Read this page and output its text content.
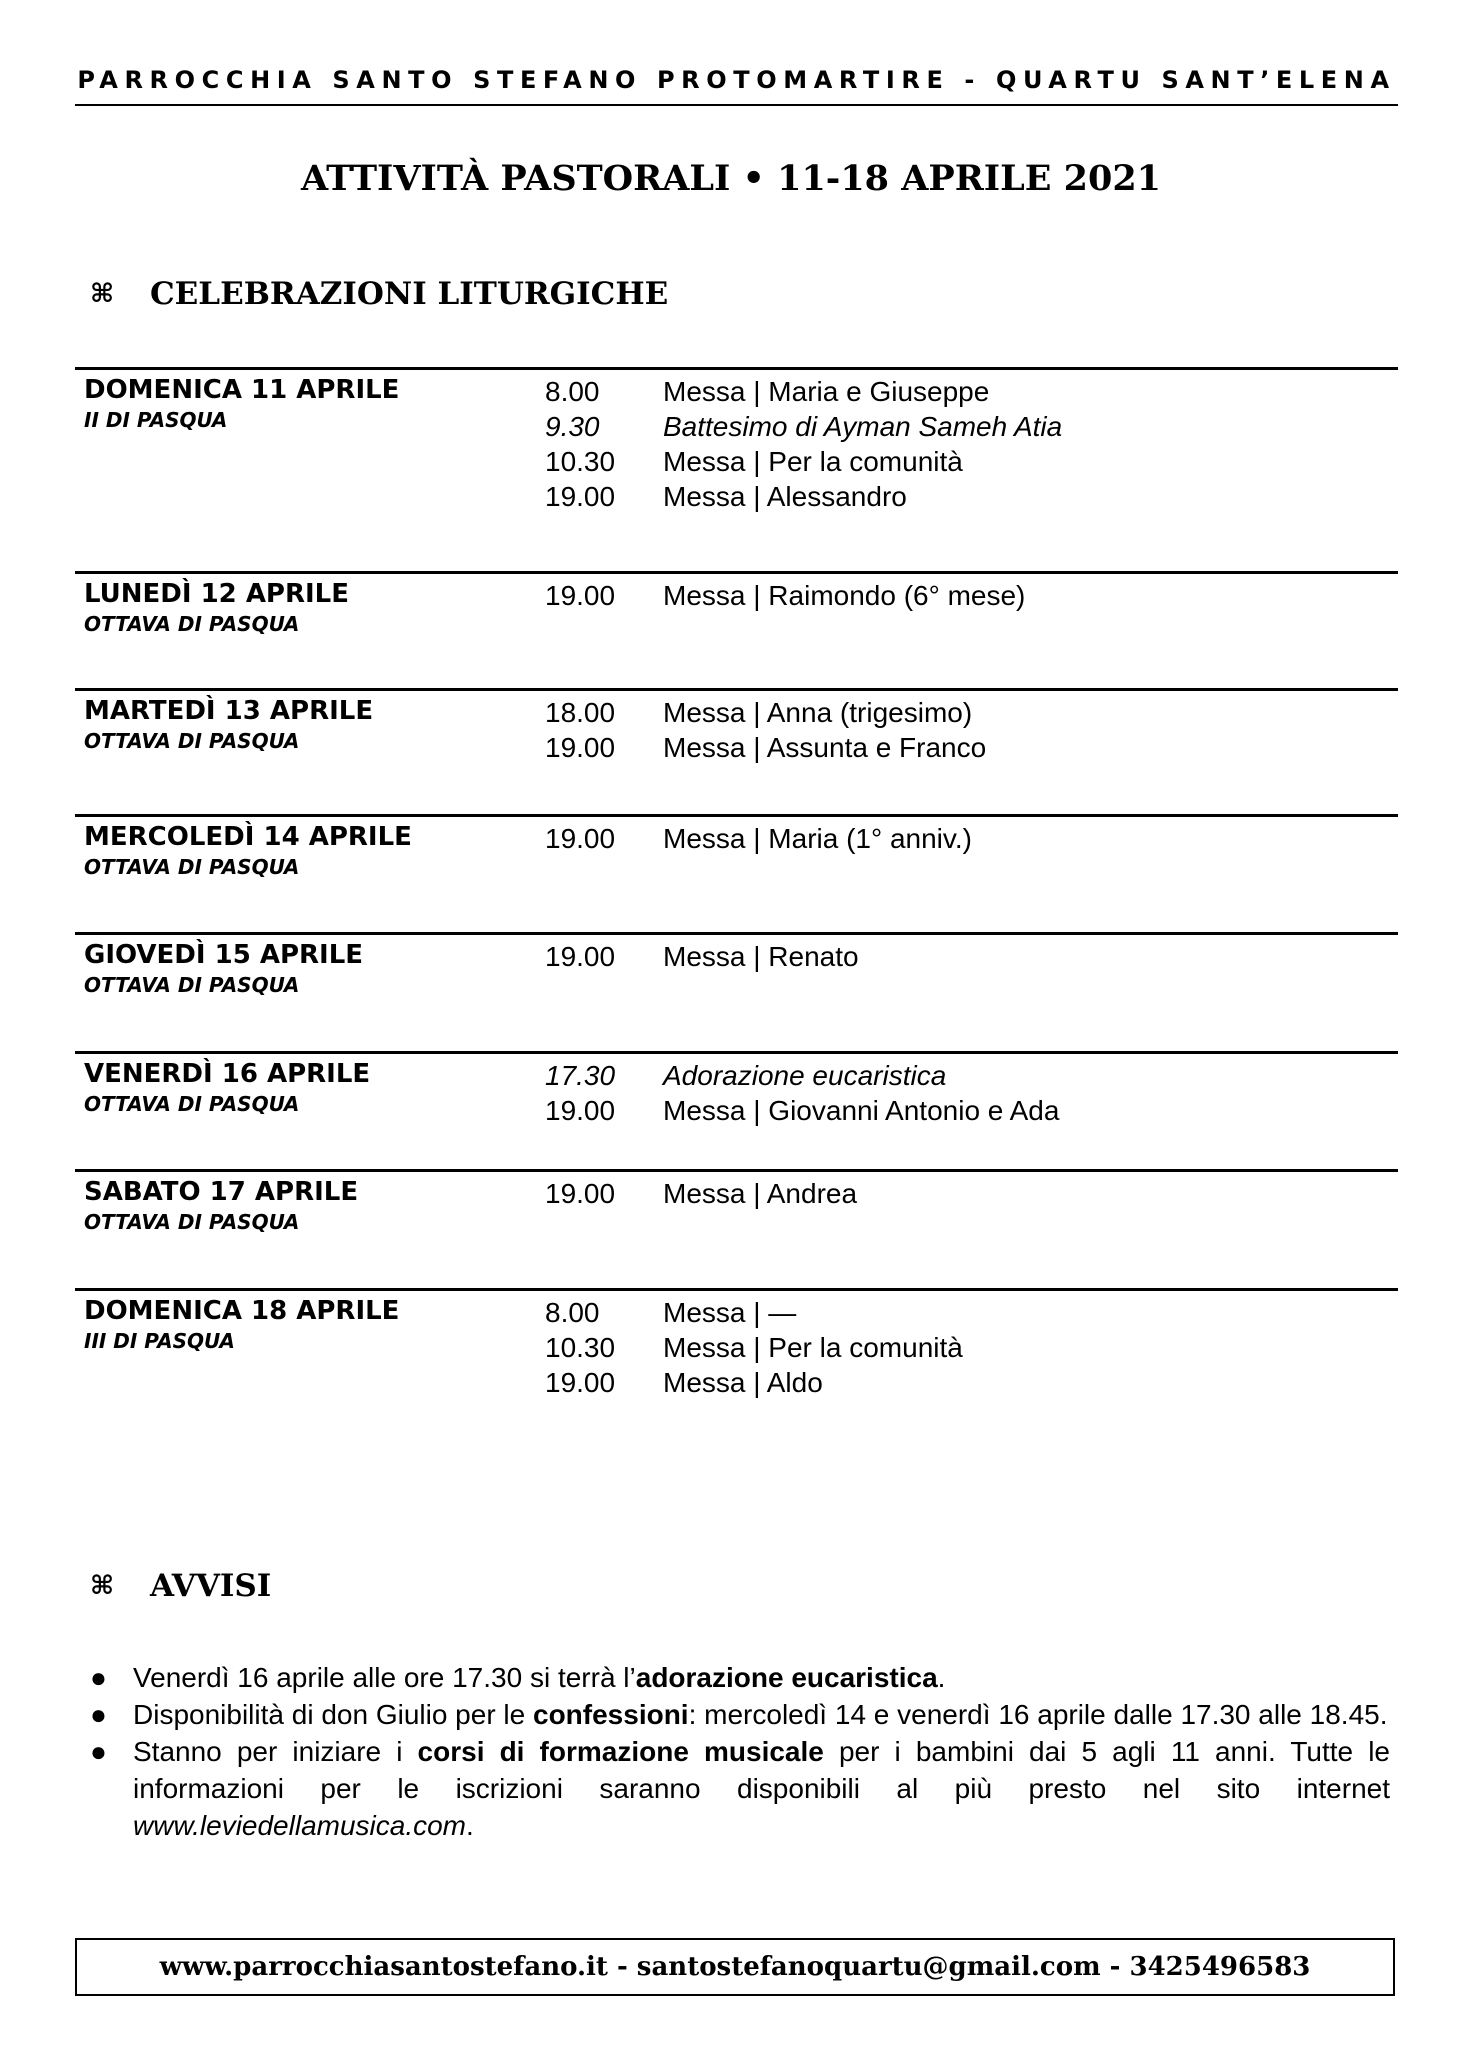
PARROCCHIA SANTO STEFANO PROTOMARTIRE - QUARTU SANT’ELENA
ATTIVITÀ PASTORALI • 11-18 APRILE 2021
⌘ CELEBRAZIONI LITURGICHE
DOMENICA 11 APRILE
II DI PASQUA
8.00 Messa | Maria e Giuseppe
9.30 Battesimo di Ayman Sameh Atia
10.30 Messa | Per la comunità
19.00 Messa | Alessandro
LUNEDÌ 12 APRILE
OTTAVA DI PASQUA
19.00 Messa | Raimondo (6° mese)
MARTEDÌ 13 APRILE
OTTAVA DI PASQUA
18.00 Messa | Anna (trigesimo)
19.00 Messa | Assunta e Franco
MERCOLEDÌ 14 APRILE
OTTAVA DI PASQUA
19.00 Messa | Maria (1° anniv.)
GIOVEDÌ 15 APRILE
OTTAVA DI PASQUA
19.00 Messa | Renato
VENERDÌ 16 APRILE
OTTAVA DI PASQUA
17.30 Adorazione eucaristica
19.00 Messa | Giovanni Antonio e Ada
SABATO 17 APRILE
OTTAVA DI PASQUA
19.00 Messa | Andrea
DOMENICA 18 APRILE
III DI PASQUA
8.00 Messa | —
10.30 Messa | Per la comunità
19.00 Messa | Aldo
⌘ AVVISI
● Venerdì 16 aprile alle ore 17.30 si terrà l’adorazione eucaristica.

● Disponibilità di don Giulio per le confessioni: mercoledì 14 e venerdì 16 aprile dalle 17.30 alle 18.45.

● Stanno per iniziare i corsi di formazione musicale per i bambini dai 5 agli 11 anni. Tutte le informazioni per le iscrizioni saranno disponibili al più presto nel sito internet www.leviedellamusica.com.

www.parrocchiasantostefano.it - santostefanoquartu@gmail.com - 3425496583
